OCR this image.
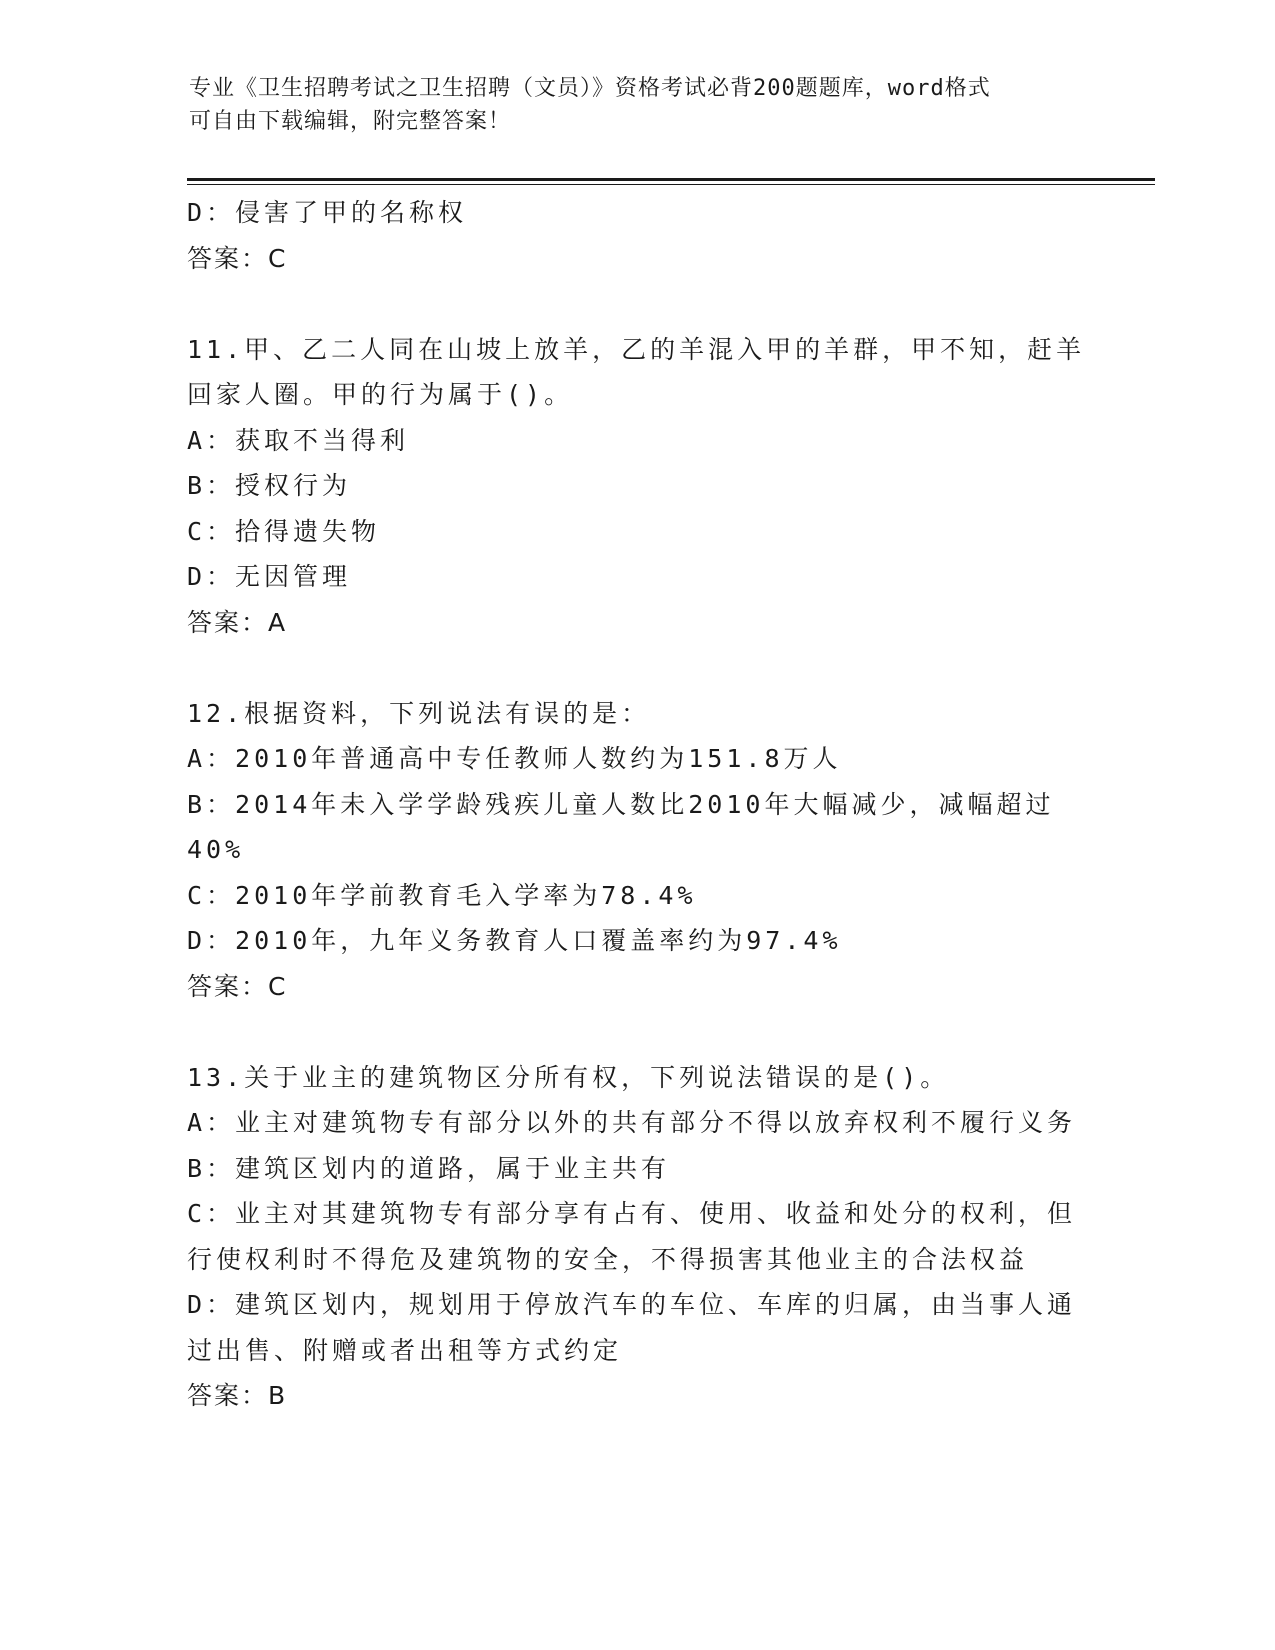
专业《卫生招聘考试之卫生招聘（文员）》资格考试必背200题题库，word格式
可自由下载编辑，附完整答案！
D：侵害了甲的名称权
答案：C
11.甲、乙二人同在山坡上放羊，乙的羊混入甲的羊群，甲不知，赶羊
回家人圈。甲的行为属于()。
A：获取不当得利
B：授权行为
C：拾得遗失物
D：无因管理
答案：A
12.根据资料，下列说法有误的是：
A：2010年普通高中专任教师人数约为151.8万人
B：2014年未入学学龄残疾儿童人数比2010年大幅减少，减幅超过
40%
C：2010年学前教育毛入学率为78.4%
D：2010年，九年义务教育人口覆盖率约为97.4%
答案：C
13.关于业主的建筑物区分所有权，下列说法错误的是()。
A：业主对建筑物专有部分以外的共有部分不得以放弃权利不履行义务
B：建筑区划内的道路，属于业主共有
C：业主对其建筑物专有部分享有占有、使用、收益和处分的权利，但
行使权利时不得危及建筑物的安全，不得损害其他业主的合法权益
D：建筑区划内，规划用于停放汽车的车位、车库的归属，由当事人通
过出售、附赠或者出租等方式约定
答案：B
